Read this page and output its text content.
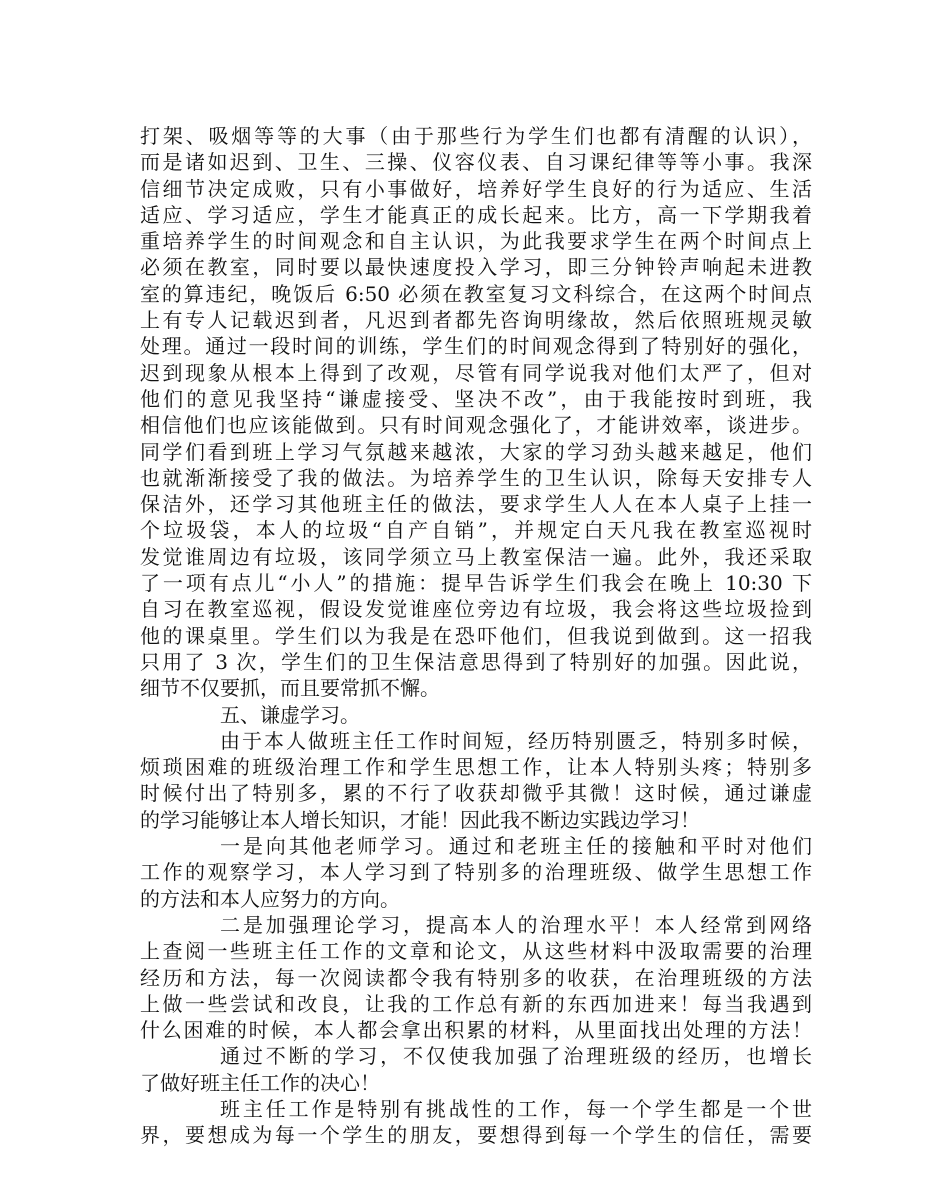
打架、吸烟等等的大事（由于那些行为学生们也都有清醒的认识），
而是诸如迟到、卫生、三操、仪容仪表、自习课纪律等等小事。我深
信细节决定成败，只有小事做好，培养好学生良好的行为适应、生活
适应、学习适应，学生才能真正的成长起来。比方，高一下学期我着
重培养学生的时间观念和自主认识，为此我要求学生在两个时间点上
必须在教室，同时要以最快速度投入学习，即三分钟铃声响起未进教
室的算违纪，晚饭后 6:50 必须在教室复习文科综合，在这两个时间点
上有专人记载迟到者，凡迟到者都先咨询明缘故，然后依照班规灵敏
处理。通过一段时间的训练，学生们的时间观念得到了特别好的强化，
迟到现象从根本上得到了改观，尽管有同学说我对他们太严了，但对
他们的意见我坚持“谦虚接受、坚决不改”，由于我能按时到班，我
相信他们也应该能做到。只有时间观念强化了，才能讲效率，谈进步。
同学们看到班上学习气氛越来越浓，大家的学习劲头越来越足，他们
也就渐渐接受了我的做法。为培养学生的卫生认识，除每天安排专人
保洁外，还学习其他班主任的做法，要求学生人人在本人桌子上挂一
个垃圾袋，本人的垃圾“自产自销”，并规定白天凡我在教室巡视时
发觉谁周边有垃圾，该同学须立马上教室保洁一遍。此外，我还采取
了一项有点儿“小人”的措施：提早告诉学生们我会在晚上 10:30 下
自习在教室巡视，假设发觉谁座位旁边有垃圾，我会将这些垃圾捡到
他的课桌里。学生们以为我是在恐吓他们，但我说到做到。这一招我
只用了 3 次，学生们的卫生保洁意思得到了特别好的加强。因此说，
细节不仅要抓，而且要常抓不懈。
五、谦虚学习。
由于本人做班主任工作时间短，经历特别匮乏，特别多时候，
烦琐困难的班级治理工作和学生思想工作，让本人特别头疼；特别多
时候付出了特别多，累的不行了收获却微乎其微！这时候，通过谦虚
的学习能够让本人增长知识，才能！因此我不断边实践边学习！
一是向其他老师学习。通过和老班主任的接触和平时对他们
工作的观察学习，本人学习到了特别多的治理班级、做学生思想工作
的方法和本人应努力的方向。
二是加强理论学习，提高本人的治理水平！本人经常到网络
上查阅一些班主任工作的文章和论文，从这些材料中汲取需要的治理
经历和方法，每一次阅读都令我有特别多的收获，在治理班级的方法
上做一些尝试和改良，让我的工作总有新的东西加进来！每当我遇到
什么困难的时候，本人都会拿出积累的材料，从里面找出处理的方法！
通过不断的学习，不仅使我加强了治理班级的经历，也增长
了做好班主任工作的决心！
班主任工作是特别有挑战性的工作，每一个学生都是一个世
界，要想成为每一个学生的朋友，要想得到每一个学生的信任，需要
